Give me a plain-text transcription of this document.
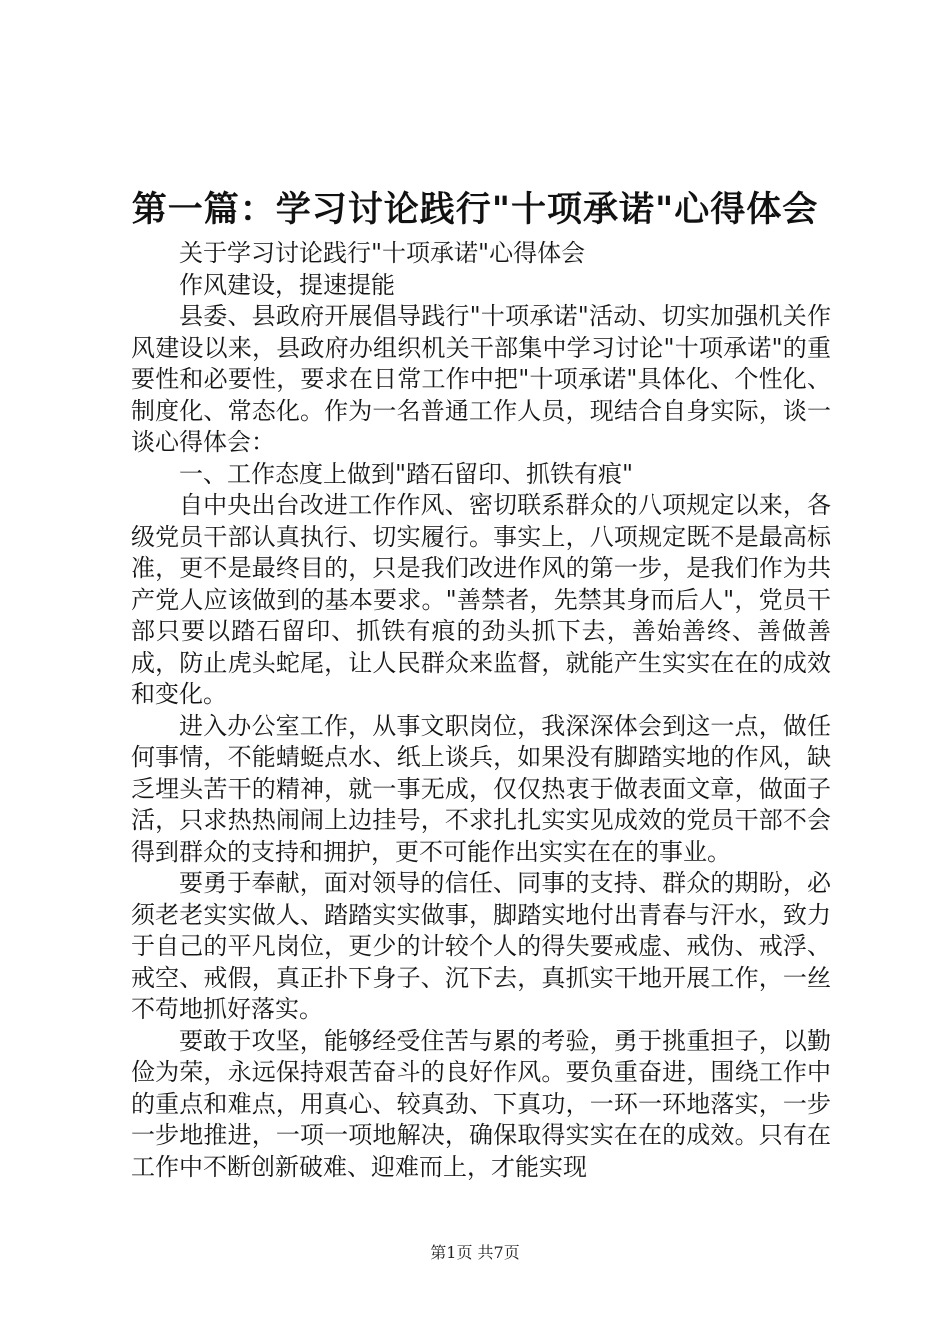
第一篇：学习讨论践行"十项承诺"心得体会

关于学习讨论践行"十项承诺"心得体会

作风建设，提速提能

县委、县政府开展倡导践行"十项承诺"活动、切实加强机关作风建设以来，县政府办组织机关干部集中学习讨论"十项承诺"的重要性和必要性，要求在日常工作中把"十项承诺"具体化、个性化、制度化、常态化。作为一名普通工作人员，现结合自身实际，谈一谈心得体会：

一、工作态度上做到"踏石留印、抓铁有痕"

自中央出台改进工作作风、密切联系群众的八项规定以来，各级党员干部认真执行、切实履行。事实上，八项规定既不是最高标准，更不是最终目的，只是我们改进作风的第一步，是我们作为共产党人应该做到的基本要求。"善禁者，先禁其身而后人"，党员干部只要以踏石留印、抓铁有痕的劲头抓下去，善始善终、善做善成，防止虎头蛇尾，让人民群众来监督，就能产生实实在在的成效和变化。

进入办公室工作，从事文职岗位，我深深体会到这一点，做任何事情，不能蜻蜓点水、纸上谈兵，如果没有脚踏实地的作风，缺乏埋头苦干的精神，就一事无成，仅仅热衷于做表面文章，做面子活，只求热热闹闹上边挂号，不求扎扎实实见成效的党员干部不会得到群众的支持和拥护，更不可能作出实实在在的事业。

要勇于奉献，面对领导的信任、同事的支持、群众的期盼，必须老老实实做人、踏踏实实做事，脚踏实地付出青春与汗水，致力于自己的平凡岗位，更少的计较个人的得失要戒虚、戒伪、戒浮、戒空、戒假，真正扑下身子、沉下去，真抓实干地开展工作，一丝不苟地抓好落实。

要敢于攻坚，能够经受住苦与累的考验，勇于挑重担子，以勤俭为荣，永远保持艰苦奋斗的良好作风。要负重奋进，围绕工作中的重点和难点，用真心、较真劲、下真功，一环一环地落实，一步一步地推进，一项一项地解决，确保取得实实在在的成效。只有在工作中不断创新破难、迎难而上，才能实现

第1页 共7页
